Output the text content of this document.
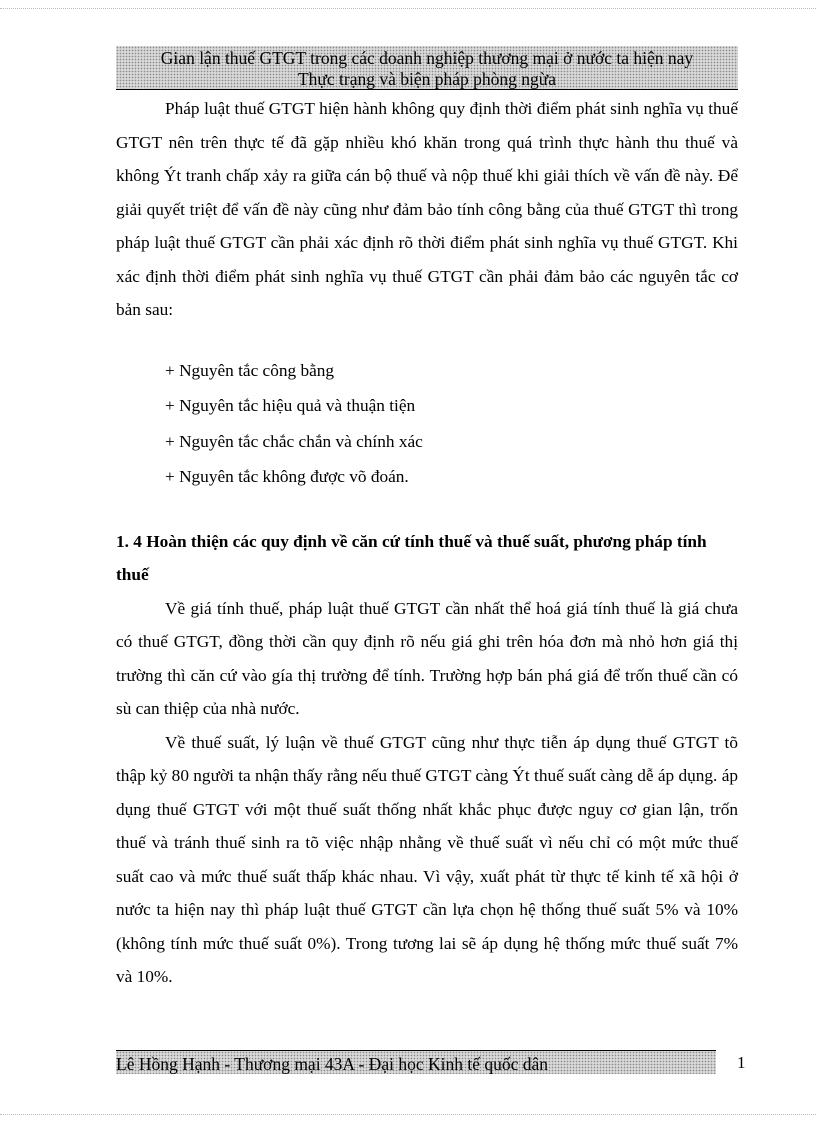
Gian lận thuế GTGT trong các doanh nghiệp thương mại ở nước ta hiện nay
Thực trạng và biện pháp phòng ngừa

Pháp luật thuế GTGT hiện hành không quy định thời điểm phát sinh nghĩa vụ thuế GTGT nên trên thực tế đã gặp nhiều khó khăn trong quá trình thực hành thu thuế và không Ýt tranh chấp xảy ra giữa cán bộ thuế và nộp thuế khi giải thích về vấn đề này. Để giải quyết triệt để vấn đề này cũng như đảm bảo tính công bằng của thuế GTGT thì trong pháp luật thuế GTGT cần phải xác định rõ thời điểm phát sinh nghĩa vụ thuế GTGT. Khi xác định thời điểm phát sinh nghĩa vụ thuế GTGT cần phải đảm bảo các nguyên tắc cơ bản sau:

+ Nguyên tắc công bằng
+ Nguyên tắc hiệu quả và thuận tiện
+ Nguyên tắc chắc chắn và chính xác
+ Nguyên tắc không được võ đoán.

1. 4 Hoàn thiện các quy định về căn cứ tính thuế và thuế suất, phương pháp tính thuế

Về giá tính thuế, pháp luật thuế GTGT cần nhất thể hoá giá tính thuế là giá chưa có thuế GTGT, đồng thời cần quy định rõ nếu giá ghi trên hóa đơn mà nhỏ hơn giá thị trường thì căn cứ vào gía thị trường để tính. Trường hợp bán phá giá để trốn thuế cần có sù can thiệp của nhà nước.

Về thuế suất, lý luận về thuế GTGT cũng như thực tiễn áp dụng thuế GTGT tõ thập kỷ 80 người ta nhận thấy rằng nếu thuế GTGT càng Ýt thuế suất càng dễ áp dụng. áp dụng thuế GTGT với một thuế suất thống nhất khắc phục được nguy cơ gian lận, trốn thuế và tránh thuế sinh ra tõ việc nhập nhằng về thuế suất vì nếu chỉ có một mức thuế suất cao và mức thuế suất thấp khác nhau. Vì vậy, xuất phát từ thực tế kinh tế xã hội ở nước ta hiện nay thì pháp luật thuế GTGT cần lựa chọn hệ thống thuế suất 5% và 10% (không tính mức thuế suất 0%). Trong tương lai sẽ áp dụng hệ thống mức thuế suất 7% và 10%.

Lê Hồng Hạnh - Thương mại 43A - Đại học Kinh tế quốc dân	1
